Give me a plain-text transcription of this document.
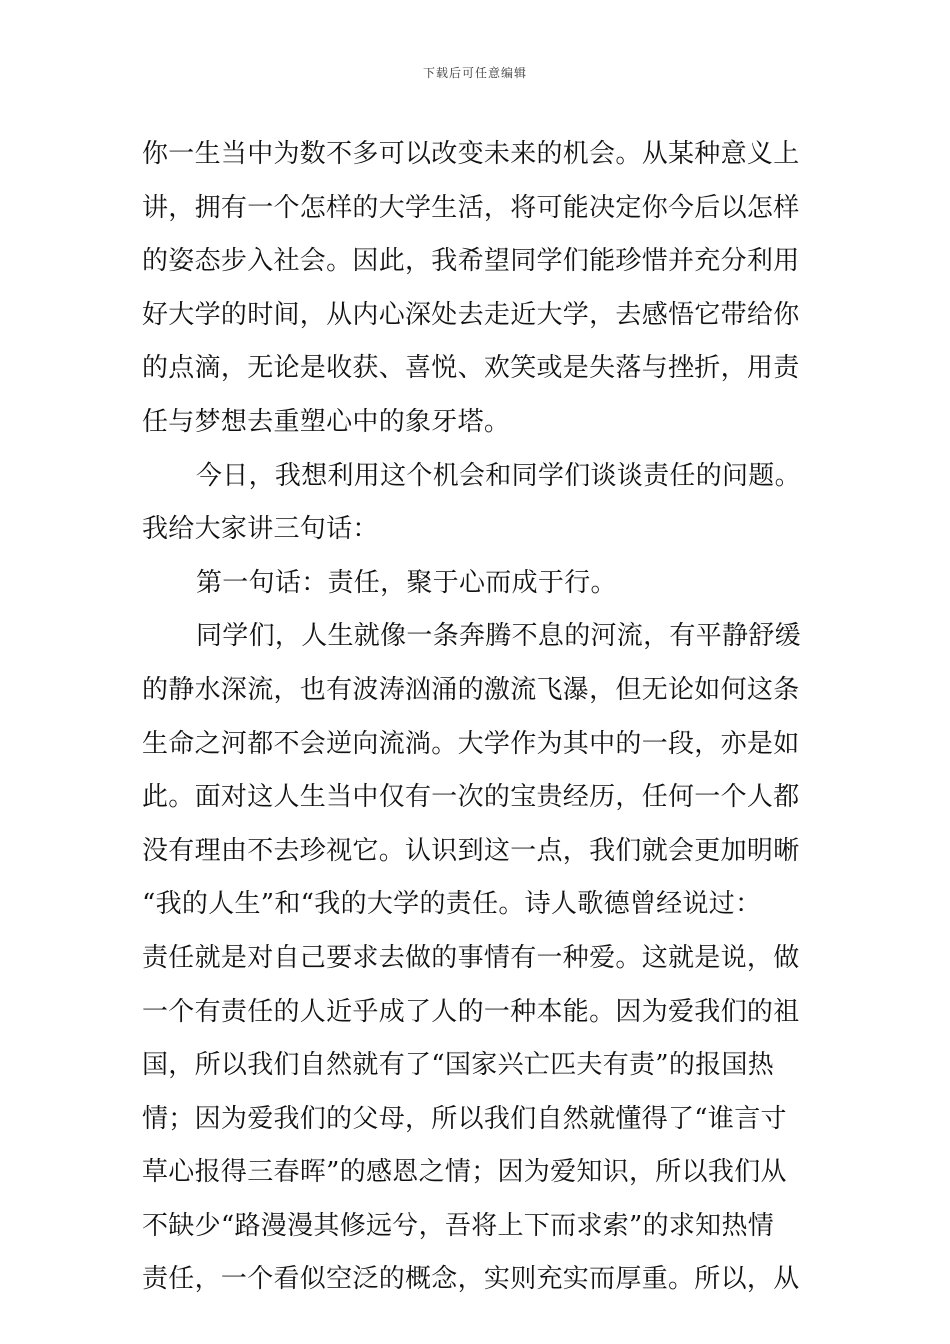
下载后可任意编辑
你一生当中为数不多可以改变未来的机会。从某种意义上
讲，拥有一个怎样的大学生活，将可能决定你今后以怎样
的姿态步入社会。因此，我希望同学们能珍惜并充分利用
好大学的时间，从内心深处去走近大学，去感悟它带给你
的点滴，无论是收获、喜悦、欢笑或是失落与挫折，用责
任与梦想去重塑心中的象牙塔。
今日，我想利用这个机会和同学们谈谈责任的问题。
我给大家讲三句话：
第一句话：责任，聚于心而成于行。
同学们，人生就像一条奔腾不息的河流，有平静舒缓
的静水深流，也有波涛汹涌的激流飞瀑，但无论如何这条
生命之河都不会逆向流淌。大学作为其中的一段，亦是如
此。面对这人生当中仅有一次的宝贵经历，任何一个人都
没有理由不去珍视它。认识到这一点，我们就会更加明晰
“我的人生”和“我的大学的责任。诗人歌德曾经说过：
责任就是对自己要求去做的事情有一种爱。这就是说，做
一个有责任的人近乎成了人的一种本能。因为爱我们的祖
国，所以我们自然就有了“国家兴亡匹夫有责”的报国热
情；因为爱我们的父母，所以我们自然就懂得了“谁言寸
草心报得三春晖”的感恩之情；因为爱知识，所以我们从
不缺少“路漫漫其修远兮，吾将上下而求索”的求知热情
责任，一个看似空泛的概念，实则充实而厚重。所以，从
